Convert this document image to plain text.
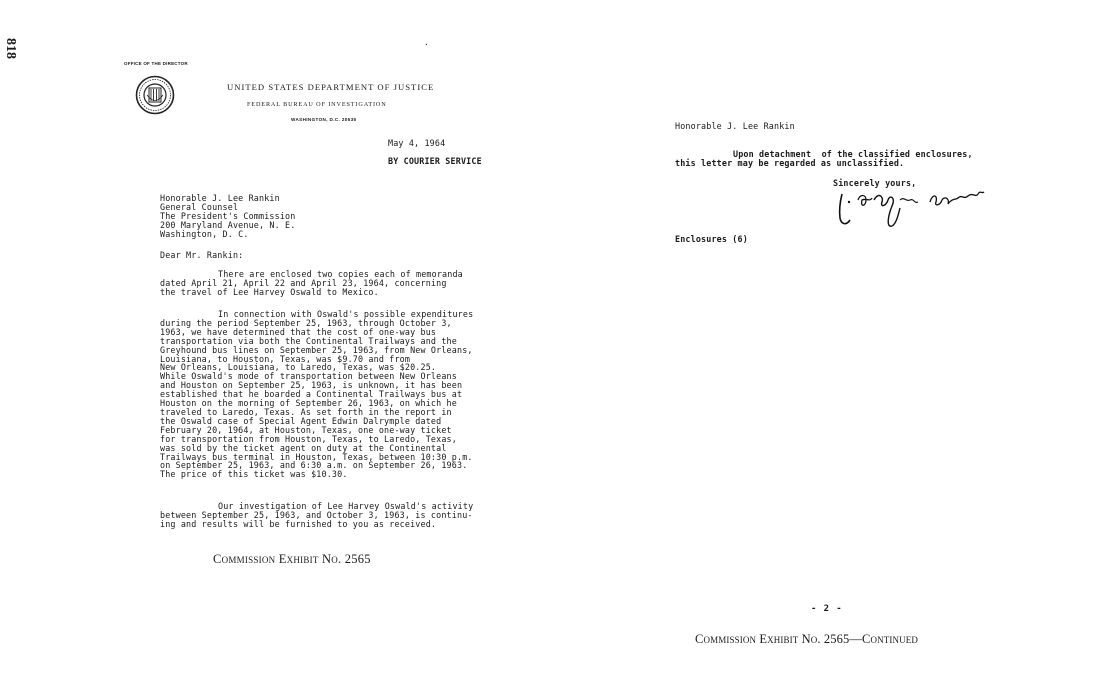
818	·
OFFICE OF THE DIRECTOR
UNITED STATES DEPARTMENT OF JUSTICE
FEDERAL BUREAU OF INVESTIGATION
WASHINGTON, D.C. 20535
May 4, 1964
BY COURIER SERVICE
Honorable J. Lee Rankin
General Counsel
The President's Commission
200 Maryland Avenue, N. E.
Washington, D. C.
Dear Mr. Rankin:
There are enclosed two copies each of memoranda
dated April 21, April 22 and April 23, 1964, concerning
the travel of Lee Harvey Oswald to Mexico.
In connection with Oswald's possible expenditures
during the period September 25, 1963, through October 3,
1963, we have determined that the cost of one-way bus
transportation via both the Continental Trailways and the
Greyhound bus lines on September 25, 1963, from New Orleans,
Louisiana, to Houston, Texas, was $9.70 and from
New Orleans, Louisiana, to Laredo, Texas, was $20.25.
While Oswald's mode of transportation between New Orleans
and Houston on September 25, 1963, is unknown, it has been
established that he boarded a Continental Trailways bus at
Houston on the morning of September 26, 1963, on which he
traveled to Laredo, Texas. As set forth in the report in
the Oswald case of Special Agent Edwin Dalrymple dated
February 20, 1964, at Houston, Texas, one one-way ticket
for transportation from Houston, Texas, to Laredo, Texas,
was sold by the ticket agent on duty at the Continental
Trailways bus terminal in Houston, Texas, between 10:30 p.m.
on September 25, 1963, and 6:30 a.m. on September 26, 1963.
The price of this ticket was $10.30.
Our investigation of Lee Harvey Oswald's activity
between September 25, 1963, and October 3, 1963, is continu-
ing and results will be furnished to you as received.
Commission Exhibit No. 2565
Honorable J. Lee Rankin
Upon detachment  of the classified enclosures,
this letter may be regarded as unclassified.
Sincerely yours,
Enclosures (6)
- 2 -
Commission Exhibit No. 2565—Continued
